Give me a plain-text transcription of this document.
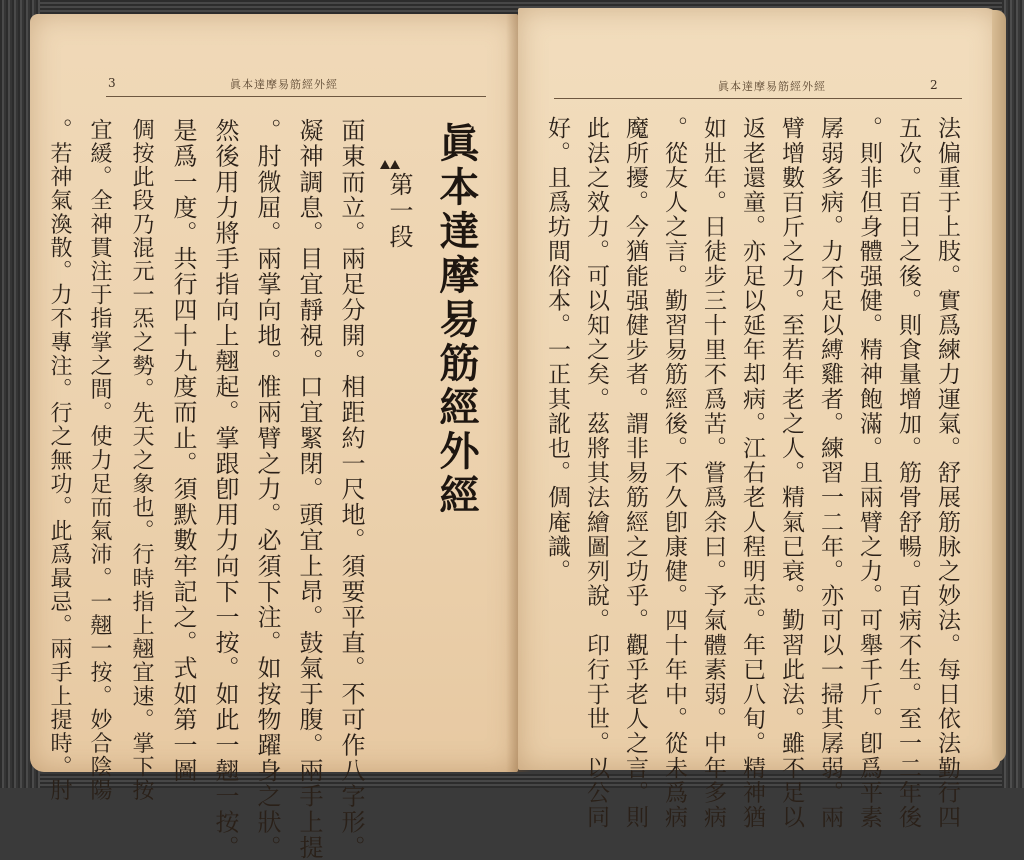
眞本達摩易筋經外經
3
眞本達摩易筋經外經
第一段
面東而立。兩足分開。相距約一尺地。須要平直。不可作八字形。
凝神調息。目宜靜視。口宜緊閉。頭宜上昂。鼓氣于腹。兩手上提
。肘微屈。兩掌向地。惟兩臂之力。必須下注。如按物躍身之狀。
然後用力將手指向上翹起。掌跟卽用力向下一按。如此一翹一按。
是爲一度。共行四十九度而止。須默數牢記之。式如第一圖
倜按此段乃混元一炁之勢。先天之象也。行時指上翹宜速。掌下按
宜緩。全神貫注于指掌之間。使力足而氣沛。一翹一按。妙合陰陽
。若神氣渙散。力不專注。行之無功。此爲最忌。兩手上提時。肘
眞本達摩易筋經外經	2
法偏重于上肢。實爲練力運氣。舒展筋脉之妙法。每日依法勤行四
五次。百日之後。則食量增加。筋骨舒暢。百病不生。至一二年後
。則非但身體强健。精神飽滿。且兩臂之力。可舉千斤。卽爲平素
孱弱多病。力不足以縛雞者。練習一二年。亦可以一掃其孱弱。兩
臂增數百斤之力。至若年老之人。精氣已衰。勤習此法。雖不足以
返老還童。亦足以延年却病。江右老人程明志。年已八旬。精神猶
如壯年。日徒步三十里不爲苦。嘗爲余曰。予氣體素弱。中年多病
。從友人之言。勤習易筋經後。不久卽康健。四十年中。從未爲病
魔所擾。今猶能强健步者。謂非易筋經之功乎。觀乎老人之言。則
此法之效力。可以知之矣。茲將其法繪圖列說。印行于世。以公同
好。且爲坊間俗本。一正其訛也。倜庵識。
